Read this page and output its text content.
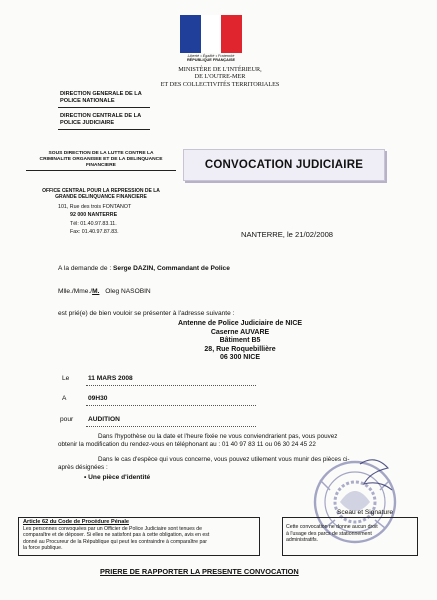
Liberté • Égalité • Fraternité
RÉPUBLIQUE FRANÇAISE
MINISTÈRE DE L'INTÉRIEUR,
DE L'OUTRE-MER
ET DES COLLECTIVITÉS TERRITORIALES
DIRECTION GENERALE DE LA
POLICE NATIONALE
DIRECTION CENTRALE DE LA
POLICE JUDICIAIRE
SOUS DIRECTION DE LA LUTTE CONTRE LA
CRIMINALITE ORGANISEE ET DE LA DELINQUANCE
FINANCIERE
OFFICE CENTRAL POUR LA REPRESSION DE LA
GRANDE DELINQUANCE FINANCIERE
101, Rue des trois FONTANOT
92 000 NANTERRE
Tél: 01.40.97.83.11.
Fax: 01.40.97.87.83.
CONVOCATION JUDICIAIRE
NANTERRE, le 21/02/2008
A la demande de : Serge DAZIN, Commandant de Police
Mlle./Mme./M. Oleg NASOBIN
est prié(e) de bien vouloir se présenter à l'adresse suivante :
Antenne de Police Judiciaire de NICE
Caserne AUVARE
Bâtiment B5
28, Rue Roquebillière
06 300 NICE
Le	11 MARS 2008
A	09H30
pour AUDITION
Dans l'hypothèse ou la date et l'heure fixée ne vous conviendrarient pas, vous pouvez
obtenir la modification du rendez-vous en téléphonant au : 01 40 97 83 11 ou 06 30 24 45 22
Dans le cas d'espèce qui vous concerne, vous pouvez utilement vous munir des pièces ci-
après désignées :
• Une pièce d'identité
Sceau et Signature
Article 62 du Code de Procédure Pénale
Les personnes convoquées par un Officier de Police Judiciaire sont tenues de
comparaître et de déposer. Si elles ne satisfont pas à cette obligation, avis en est
donné au Procureur de la République qui peut les contraindre à comparaître par
la force publique.
Cette convocation ne donne aucun droit
à l'usage des parcs de stationnement
administratifs.
PRIERE DE RAPPORTER LA PRESENTE CONVOCATION
